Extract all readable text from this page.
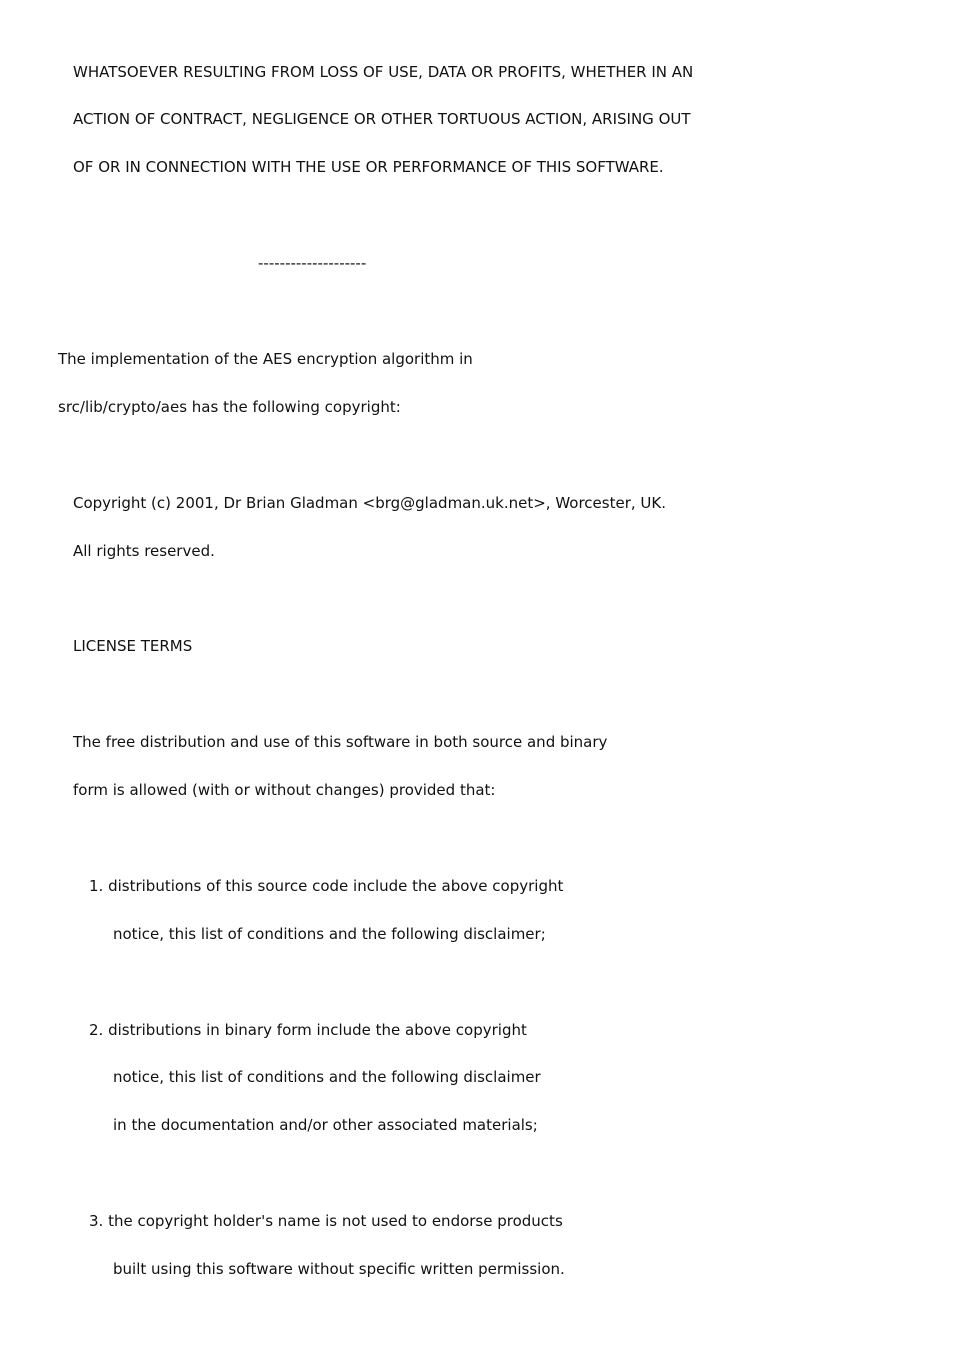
WHATSOEVER RESULTING FROM LOSS OF USE, DATA OR PROFITS, WHETHER IN AN
ACTION OF CONTRACT, NEGLIGENCE OR OTHER TORTUOUS ACTION, ARISING OUT
OF OR IN CONNECTION WITH THE USE OR PERFORMANCE OF THIS SOFTWARE.
--------------------
The implementation of the AES encryption algorithm in
src/lib/crypto/aes has the following copyright:
Copyright (c) 2001, Dr Brian Gladman <brg@gladman.uk.net>, Worcester, UK.
All rights reserved.
LICENSE TERMS
The free distribution and use of this software in both source and binary
form is allowed (with or without changes) provided that:
1. distributions of this source code include the above copyright
notice, this list of conditions and the following disclaimer;
2. distributions in binary form include the above copyright
notice, this list of conditions and the following disclaimer
in the documentation and/or other associated materials;
3. the copyright holder's name is not used to endorse products
built using this software without specific written permission.
